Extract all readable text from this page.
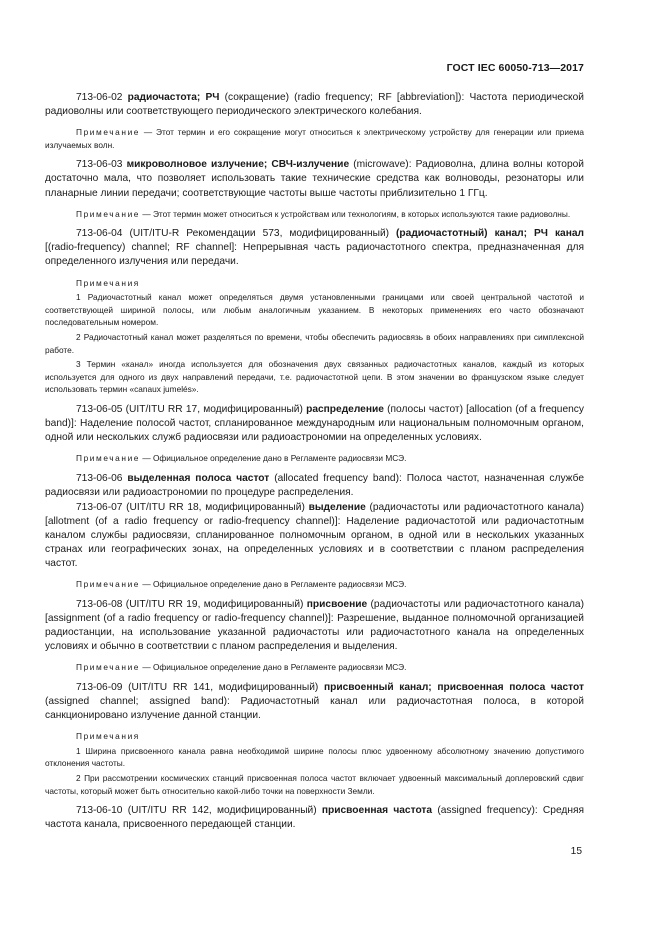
ГОСТ IEC 60050-713—2017

713-06-02 радиочастота; РЧ (сокращение) (radio frequency; RF [abbreviation]): Частота периодической радиоволны или соответствующего периодического электрического колебания.

Примечание — Этот термин и его сокращение могут относиться к электрическому устройству для генерации или приема излучаемых волн.

713-06-03 микроволновое излучение; СВЧ-излучение (microwave): Радиоволна, длина волны которой достаточно мала, что позволяет использовать такие технические средства как волноводы, резонаторы или планарные линии передачи; соответствующие частоты выше частоты приблизительно 1 ГГц.

Примечание — Этот термин может относиться к устройствам или технологиям, в которых используются такие радиоволны.

713-06-04 (UIT/ITU-R Рекомендации 573, модифицированный) (радиочастотный) канал; РЧ канал [(radio-frequency) channel; RF channel]: Непрерывная часть радиочастотного спектра, предназначенная для определенного излучения или передачи.

Примечания

1 Радиочастотный канал может определяться двумя установленными границами или своей центральной частотой и соответствующей шириной полосы, или любым аналогичным указанием. В некоторых применениях его часто обозначают последовательным номером.

2 Радиочастотный канал может разделяться по времени, чтобы обеспечить радиосвязь в обоих направлениях при симплексной работе.

3 Термин «канал» иногда используется для обозначения двух связанных радиочастотных каналов, каждый из которых используется для одного из двух направлений передачи, т.е. радиочастотной цепи. В этом значении во французском языке следует использовать термин «canaux jumelés».

713-06-05 (UIT/ITU RR 17, модифицированный) распределение (полосы частот) [allocation (of a frequency band)]: Наделение полосой частот, спланированное международным или национальным полномочным органом, одной или нескольких служб радиосвязи или радиоастрономии на определенных условиях.

Примечание — Официальное определение дано в Регламенте радиосвязи МСЭ.

713-06-06 выделенная полоса частот (allocated frequency band): Полоса частот, назначенная службе радиосвязи или радиоастрономии по процедуре распределения.

713-06-07 (UIT/ITU RR 18, модифицированный) выделение (радиочастоты или радиочастотного канала) [allotment (of a radio frequency or radio-frequency channel)]: Наделение радиочастотой или радиочастотным каналом службы радиосвязи, спланированное полномочным органом, в одной или в нескольких указанных странах или географических зонах, на определенных условиях и в соответствии с планом распределения частот.

Примечание — Официальное определение дано в Регламенте радиосвязи МСЭ.

713-06-08 (UIT/ITU RR 19, модифицированный) присвоение (радиочастоты или радиочастотного канала) [assignment (of a radio frequency or radio-frequency channel)]: Разрешение, выданное полномочной организацией радиостанции, на использование указанной радиочастоты или радиочастотного канала на определенных условиях и обычно в соответствии с планом распределения и выделения.

Примечание — Официальное определение дано в Регламенте радиосвязи МСЭ.

713-06-09 (UIT/ITU RR 141, модифицированный) присвоенный канал; присвоенная полоса частот (assigned channel; assigned band): Радиочастотный канал или радиочастотная полоса, в которой санкционировано излучение данной станции.

Примечания

1 Ширина присвоенного канала равна необходимой ширине полосы плюс удвоенному абсолютному значению допустимого отклонения частоты.

2 При рассмотрении космических станций присвоенная полоса частот включает удвоенный максимальный доплеровский сдвиг частоты, который может быть относительно какой-либо точки на поверхности Земли.

713-06-10 (UIT/ITU RR 142, модифицированный) присвоенная частота (assigned frequency): Средняя частота канала, присвоенного передающей станции.

15
